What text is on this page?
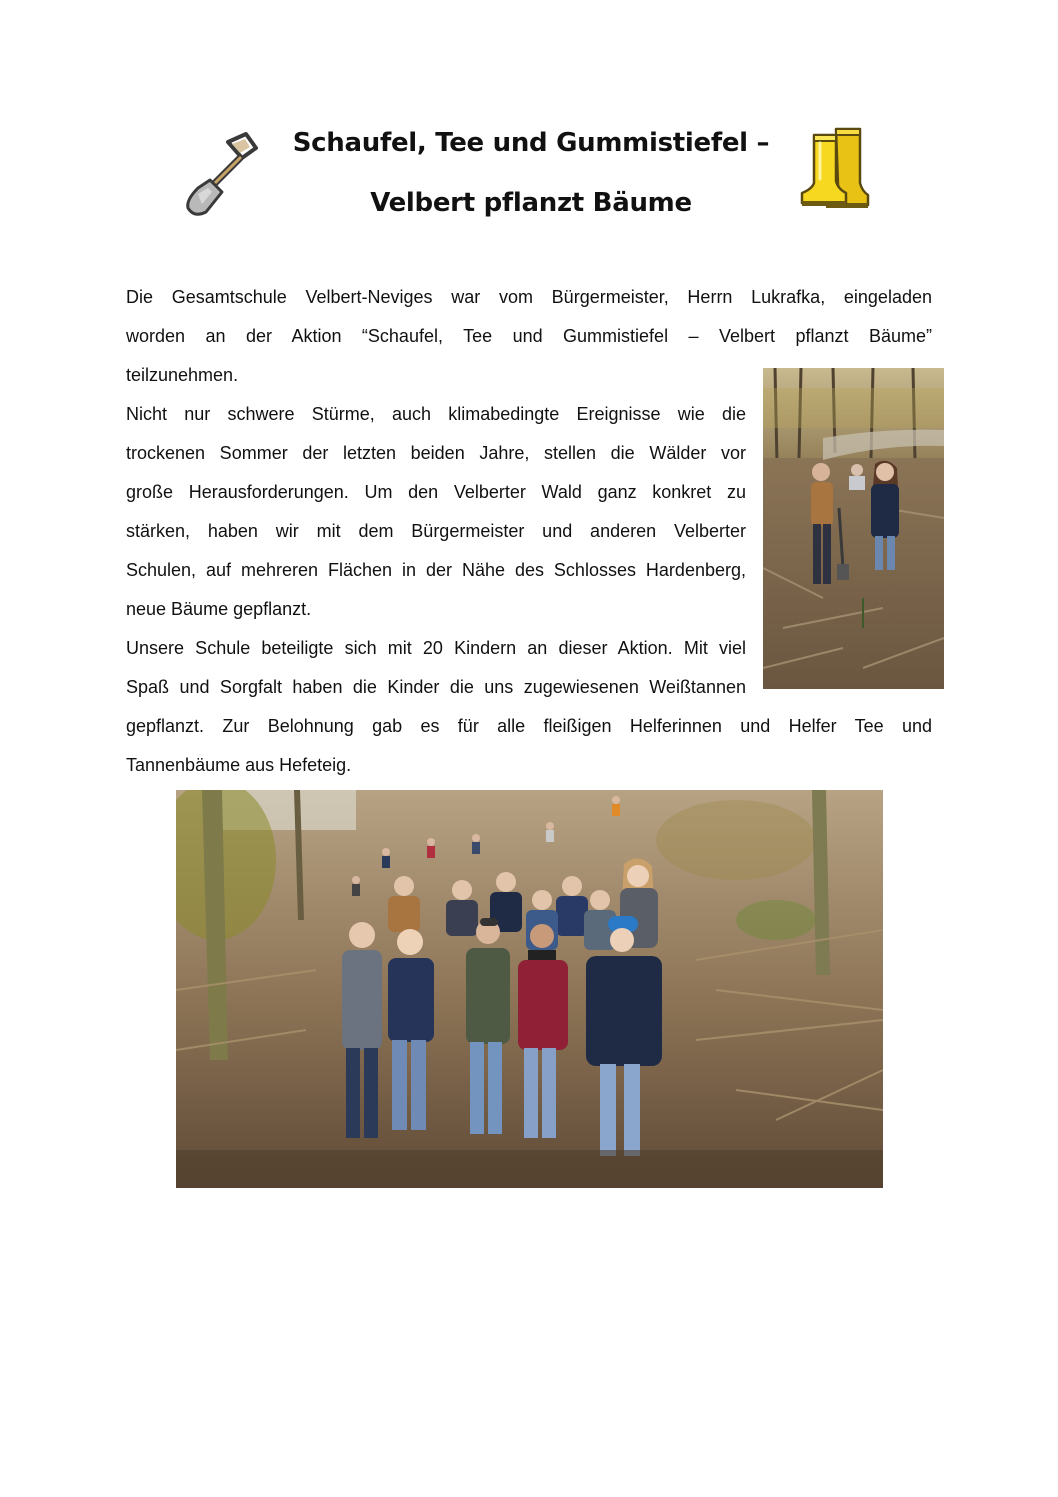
Schaufel, Tee und Gummistiefel –
Velbert pflanzt Bäume
Die Gesamtschule Velbert-Neviges war vom Bürgermeister, Herrn Lukrafka, eingeladen
worden an der Aktion “Schaufel, Tee und Gummistiefel – Velbert pflanzt Bäume”
teilzunehmen.
Nicht nur schwere Stürme, auch klimabedingte Ereignisse wie die
trockenen Sommer der letzten beiden Jahre, stellen die Wälder vor
große Herausforderungen. Um den Velberter Wald ganz konkret zu
stärken, haben wir mit dem Bürgermeister und anderen Velberter
Schulen, auf mehreren Flächen in der Nähe des Schlosses Hardenberg,
neue Bäume gepflanzt.
Unsere Schule beteiligte sich mit 20 Kindern an dieser Aktion. Mit viel
Spaß und Sorgfalt haben die Kinder die uns zugewiesenen Weißtannen
gepflanzt. Zur Belohnung gab es für alle fleißigen Helferinnen und Helfer Tee und
Tannenbäume aus Hefeteig.
